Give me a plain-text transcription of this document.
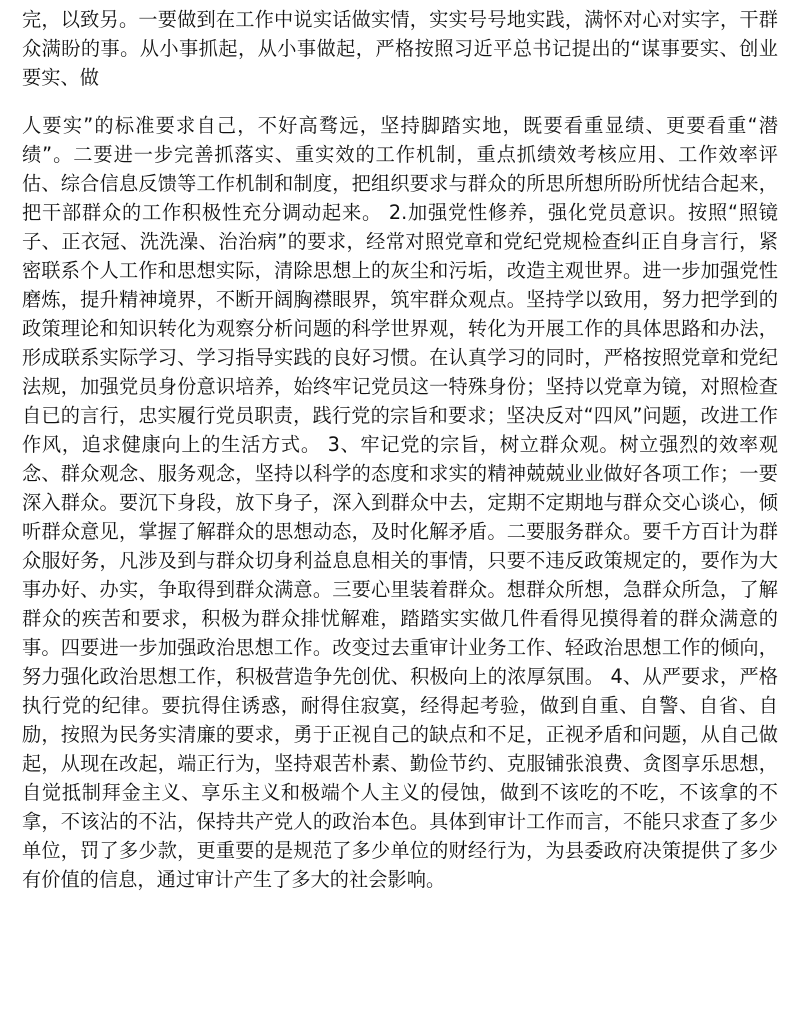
完，以致另。一要做到在工作中说实话做实情，实实号号地实践，满怀对心对实字，干群众满盼的事。从小事抓起，从小事做起，严格按照习近平总书记提出的“谋事要实、创业要实、做

人要实”的标准要求自己，不好高骛远，坚持脚踏实地，既要看重显绩、更要看重“潜绩”。二要进一步完善抓落实、重实效的工作机制，重点抓绩效考核应用、工作效率评估、综合信息反馈等工作机制和制度，把组织要求与群众的所思所想所盼所忧结合起来，把干部群众的工作积极性充分调动起来。 2.加强党性修养，强化党员意识。按照“照镜子、正衣冠、洗洗澡、治治病”的要求，经常对照党章和党纪党规检查纠正自身言行，紧密联系个人工作和思想实际，清除思想上的灰尘和污垢，改造主观世界。进一步加强党性磨炼，提升精神境界，不断开阔胸襟眼界，筑牢群众观点。坚持学以致用，努力把学到的政策理论和知识转化为观察分析问题的科学世界观，转化为开展工作的具体思路和办法，形成联系实际学习、学习指导实践的良好习惯。在认真学习的同时，严格按照党章和党纪法规，加强党员身份意识培养，始终牢记党员这一特殊身份；坚持以党章为镜，对照检查自已的言行，忠实履行党员职责，践行党的宗旨和要求；坚决反对“四风”问题，改进工作作风，追求健康向上的生活方式。 3、牢记党的宗旨，树立群众观。树立强烈的效率观念、群众观念、服务观念，坚持以科学的态度和求实的精神兢兢业业做好各项工作；一要深入群众。要沉下身段，放下身子，深入到群众中去，定期不定期地与群众交心谈心，倾听群众意见，掌握了解群众的思想动态，及时化解矛盾。二要服务群众。要千方百计为群众服好务，凡涉及到与群众切身利益息息相关的事情，只要不违反政策规定的，要作为大事办好、办实，争取得到群众满意。三要心里装着群众。想群众所想，急群众所急，了解群众的疾苦和要求，积极为群众排忧解难，踏踏实实做几件看得见摸得着的群众满意的事。四要进一步加强政治思想工作。改变过去重审计业务工作、轻政治思想工作的倾向，努力强化政治思想工作，积极营造争先创优、积极向上的浓厚氛围。 4、从严要求，严格执行党的纪律。要抗得住诱惑，耐得住寂寞，经得起考验，做到自重、自警、自省、自励，按照为民务实清廉的要求，勇于正视自己的缺点和不足，正视矛盾和问题，从自己做起，从现在改起，端正行为，坚持艰苦朴素、勤俭节约、克服铺张浪费、贪图享乐思想，自觉抵制拜金主义、享乐主义和极端个人主义的侵蚀，做到不该吃的不吃，不该拿的不拿，不该沾的不沾，保持共产党人的政治本色。具体到审计工作而言，不能只求查了多少单位，罚了多少款，更重要的是规范了多少单位的财经行为，为县委政府决策提供了多少有价值的信息，通过审计产生了多大的社会影响。
